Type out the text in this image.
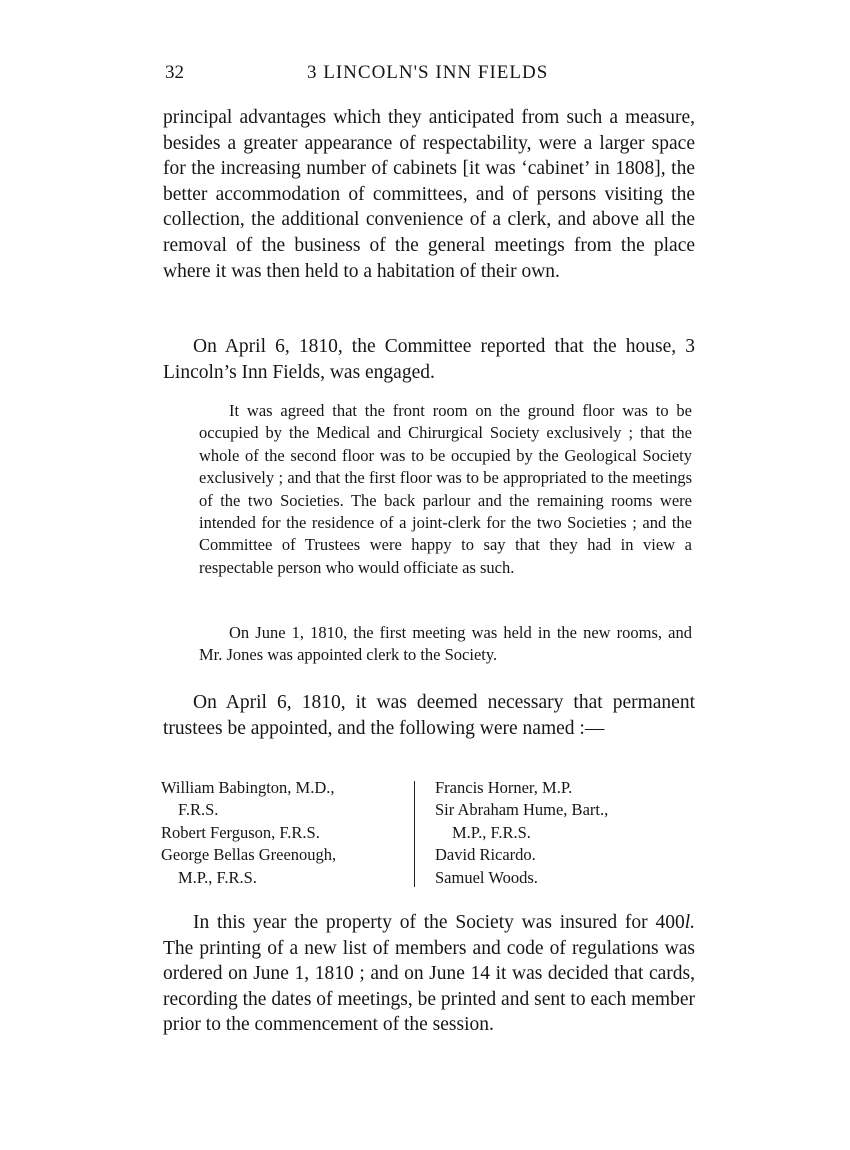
32	3 LINCOLN'S INN FIELDS

principal advantages which they anticipated from such a measure, besides a greater appearance of respectability, were a larger space for the increasing number of cabinets [it was ‘cabinet’ in 1808], the better accommodation of committees, and of persons visiting the collection, the additional convenience of a clerk, and above all the removal of the business of the general meetings from the place where it was then held to a habitation of their own.

On April 6, 1810, the Committee reported that the house, 3 Lincoln’s Inn Fields, was engaged.

It was agreed that the front room on the ground floor was to be occupied by the Medical and Chirurgical Society exclusively ; that the whole of the second floor was to be occupied by the Geological Society exclusively ; and that the first floor was to be appropriated to the meetings of the two Societies. The back parlour and the remaining rooms were intended for the residence of a joint-clerk for the two Societies ; and the Committee of Trustees were happy to say that they had in view a respectable person who would officiate as such.

On June 1, 1810, the first meeting was held in the new rooms, and Mr. Jones was appointed clerk to the Society.

On April 6, 1810, it was deemed necessary that permanent trustees be appointed, and the following were named :—

William Babington, M.D.,
F.R.S.
Robert Ferguson, F.R.S.
George Bellas Greenough,
M.P., F.R.S.
Francis Horner, M.P.
Sir Abraham Hume, Bart.,
M.P., F.R.S.
David Ricardo.
Samuel Woods.

In this year the property of the Society was insured for 400l. The printing of a new list of members and code of regulations was ordered on June 1, 1810 ; and on June 14 it was decided that cards, recording the dates of meetings, be printed and sent to each member prior to the commencement of the session.
